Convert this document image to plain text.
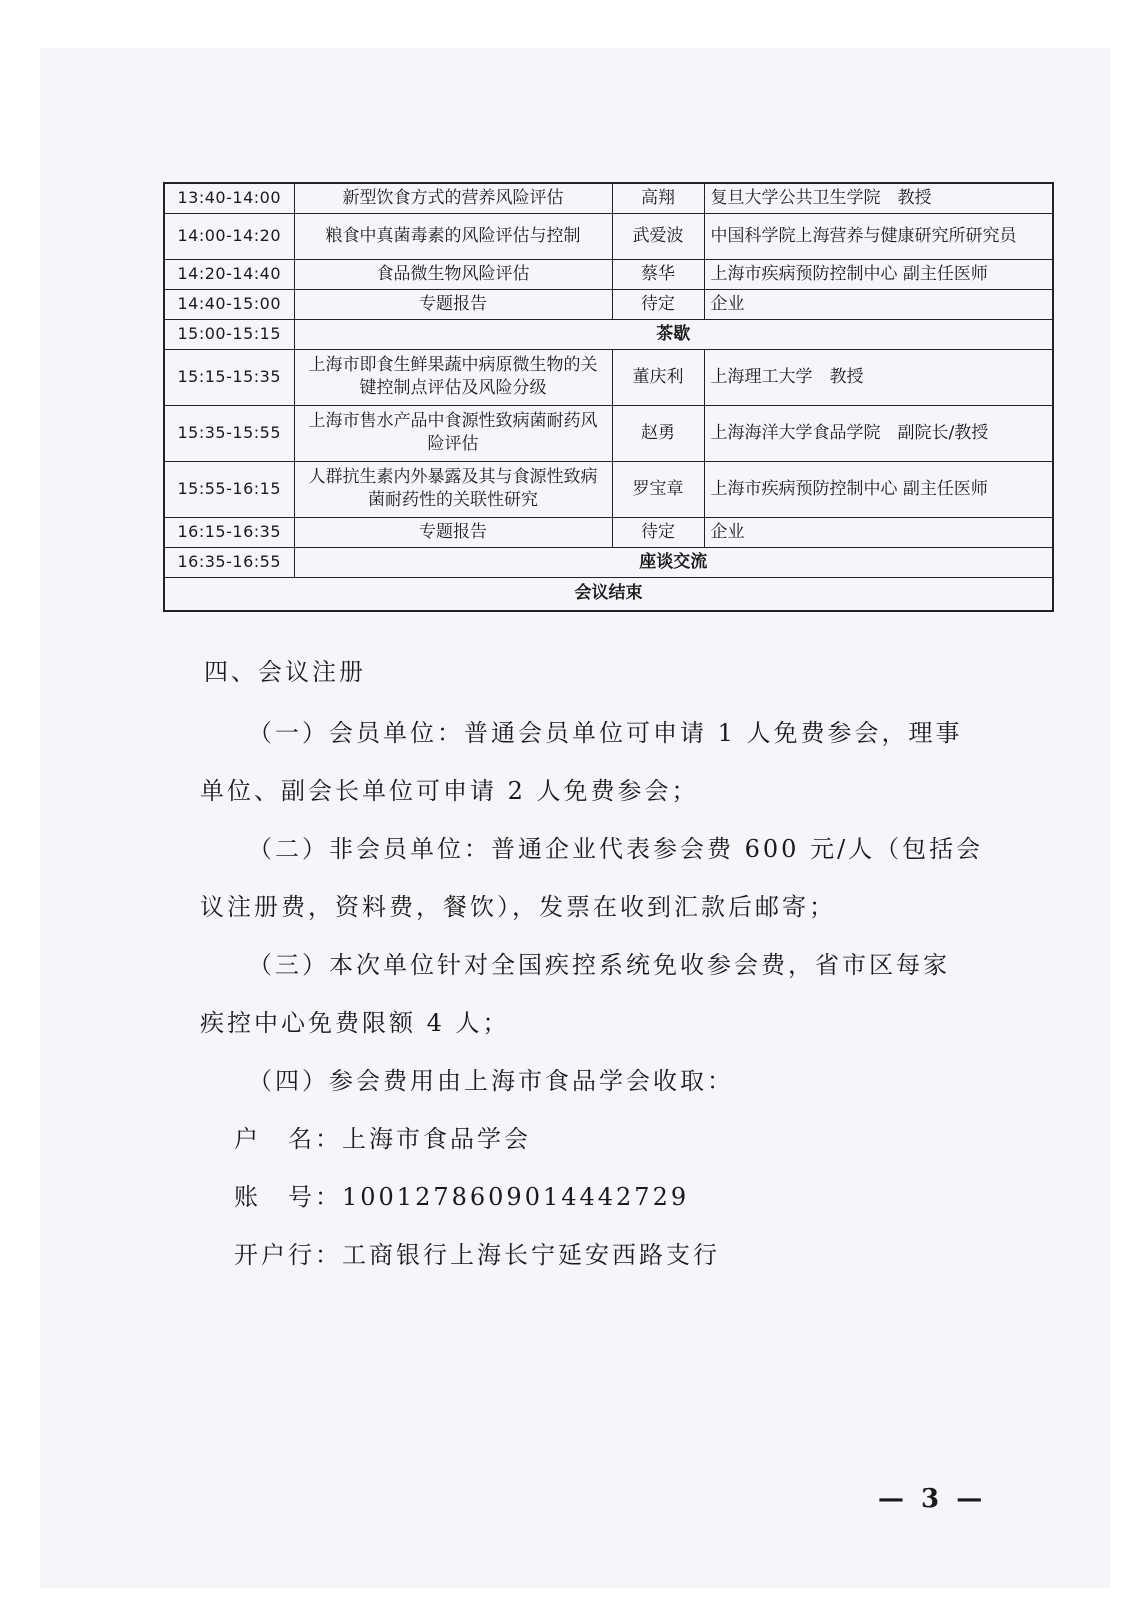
13:40-14:00	新型饮食方式的营养风险评估	高翔	复旦大学公共卫生学院　教授
14:00-14:20	粮食中真菌毒素的风险评估与控制	武爱波	中国科学院上海营养与健康研究所研究员
14:20-14:40	食品微生物风险评估	蔡华	上海市疾病预防控制中心 副主任医师
14:40-15:00	专题报告	待定	企业
15:00-15:15	茶歇		
15:15-15:35	上海市即食生鲜果蔬中病原微生物的关键控制点评估及风险分级	董庆利	上海理工大学　教授
15:35-15:55	上海市售水产品中食源性致病菌耐药风险评估	赵勇	上海海洋大学食品学院　副院长/教授
15:55-16:15	人群抗生素内外暴露及其与食源性致病菌耐药性的关联性研究	罗宝章	上海市疾病预防控制中心 副主任医师
16:15-16:35	专题报告	待定	企业
16:35-16:55	座谈交流		
会议结束			
四、会议注册
（一）会员单位：普通会员单位可申请 1 人免费参会，理事
单位、副会长单位可申请 2 人免费参会；
（二）非会员单位：普通企业代表参会费 600 元/人（包括会
议注册费，资料费，餐饮），发票在收到汇款后邮寄；
（三）本次单位针对全国疾控系统免收参会费，省市区每家
疾控中心免费限额 4 人；
（四）参会费用由上海市食品学会收取：
户　名：上海市食品学会
账　号：1001278609014442729
开户行：工商银行上海长宁延安西路支行
— 3 —
